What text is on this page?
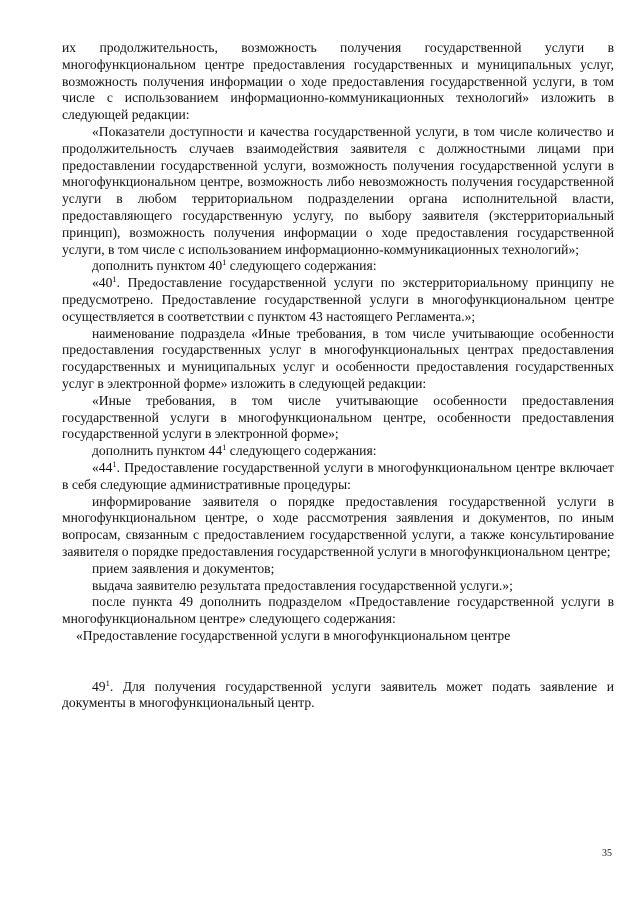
их продолжительность, возможность получения государственной услуги в многофункциональном центре предоставления государственных и муниципальных услуг, возможность получения информации о ходе предоставления государственной услуги, в том числе с использованием информационно-коммуникационных технологий» изложить в следующей редакции:

«Показатели доступности и качества государственной услуги, в том числе количество и продолжительность случаев взаимодействия заявителя с должностными лицами при предоставлении государственной услуги, возможность получения государственной услуги в многофункциональном центре, возможность либо невозможность получения государственной услуги в любом территориальном подразделении органа исполнительной власти, предоставляющего государственную услугу, по выбору заявителя (экстерриториальный принцип), возможность получения информации о ходе предоставления государственной услуги, в том числе с использованием информационно-коммуникационных технологий»;

дополнить пунктом $40^1$ следующего содержания:

«$40^1$. Предоставление государственной услуги по экстерриториальному принципу не предусмотрено. Предоставление государственной услуги в многофункциональном центре осуществляется в соответствии с пунктом 43 настоящего Регламента.»;

наименование подраздела «Иные требования, в том числе учитывающие особенности предоставления государственных услуг в многофункциональных центрах предоставления государственных и муниципальных услуг и особенности предоставления государственных услуг в электронной форме» изложить в следующей редакции:

«Иные требования, в том числе учитывающие особенности предоставления государственной услуги в многофункциональном центре, особенности предоставления государственной услуги в электронной форме»;

дополнить пунктом $44^1$ следующего содержания:

«$44^1$. Предоставление государственной услуги в многофункциональном центре включает в себя следующие административные процедуры:

информирование заявителя о порядке предоставления государственной услуги в многофункциональном центре, о ходе рассмотрения заявления и документов, по иным вопросам, связанным с предоставлением государственной услуги, а также консультирование заявителя о порядке предоставления государственной услуги в многофункциональном центре;

прием заявления и документов;

выдача заявителю результата предоставления государственной услуги.»;

после пункта 49 дополнить подразделом «Предоставление государственной услуги в многофункциональном центре» следующего содержания:

«Предоставление государственной услуги в многофункциональном центре

$49^1$. Для получения государственной услуги заявитель может подать заявление и документы в многофункциональный центр.

35
